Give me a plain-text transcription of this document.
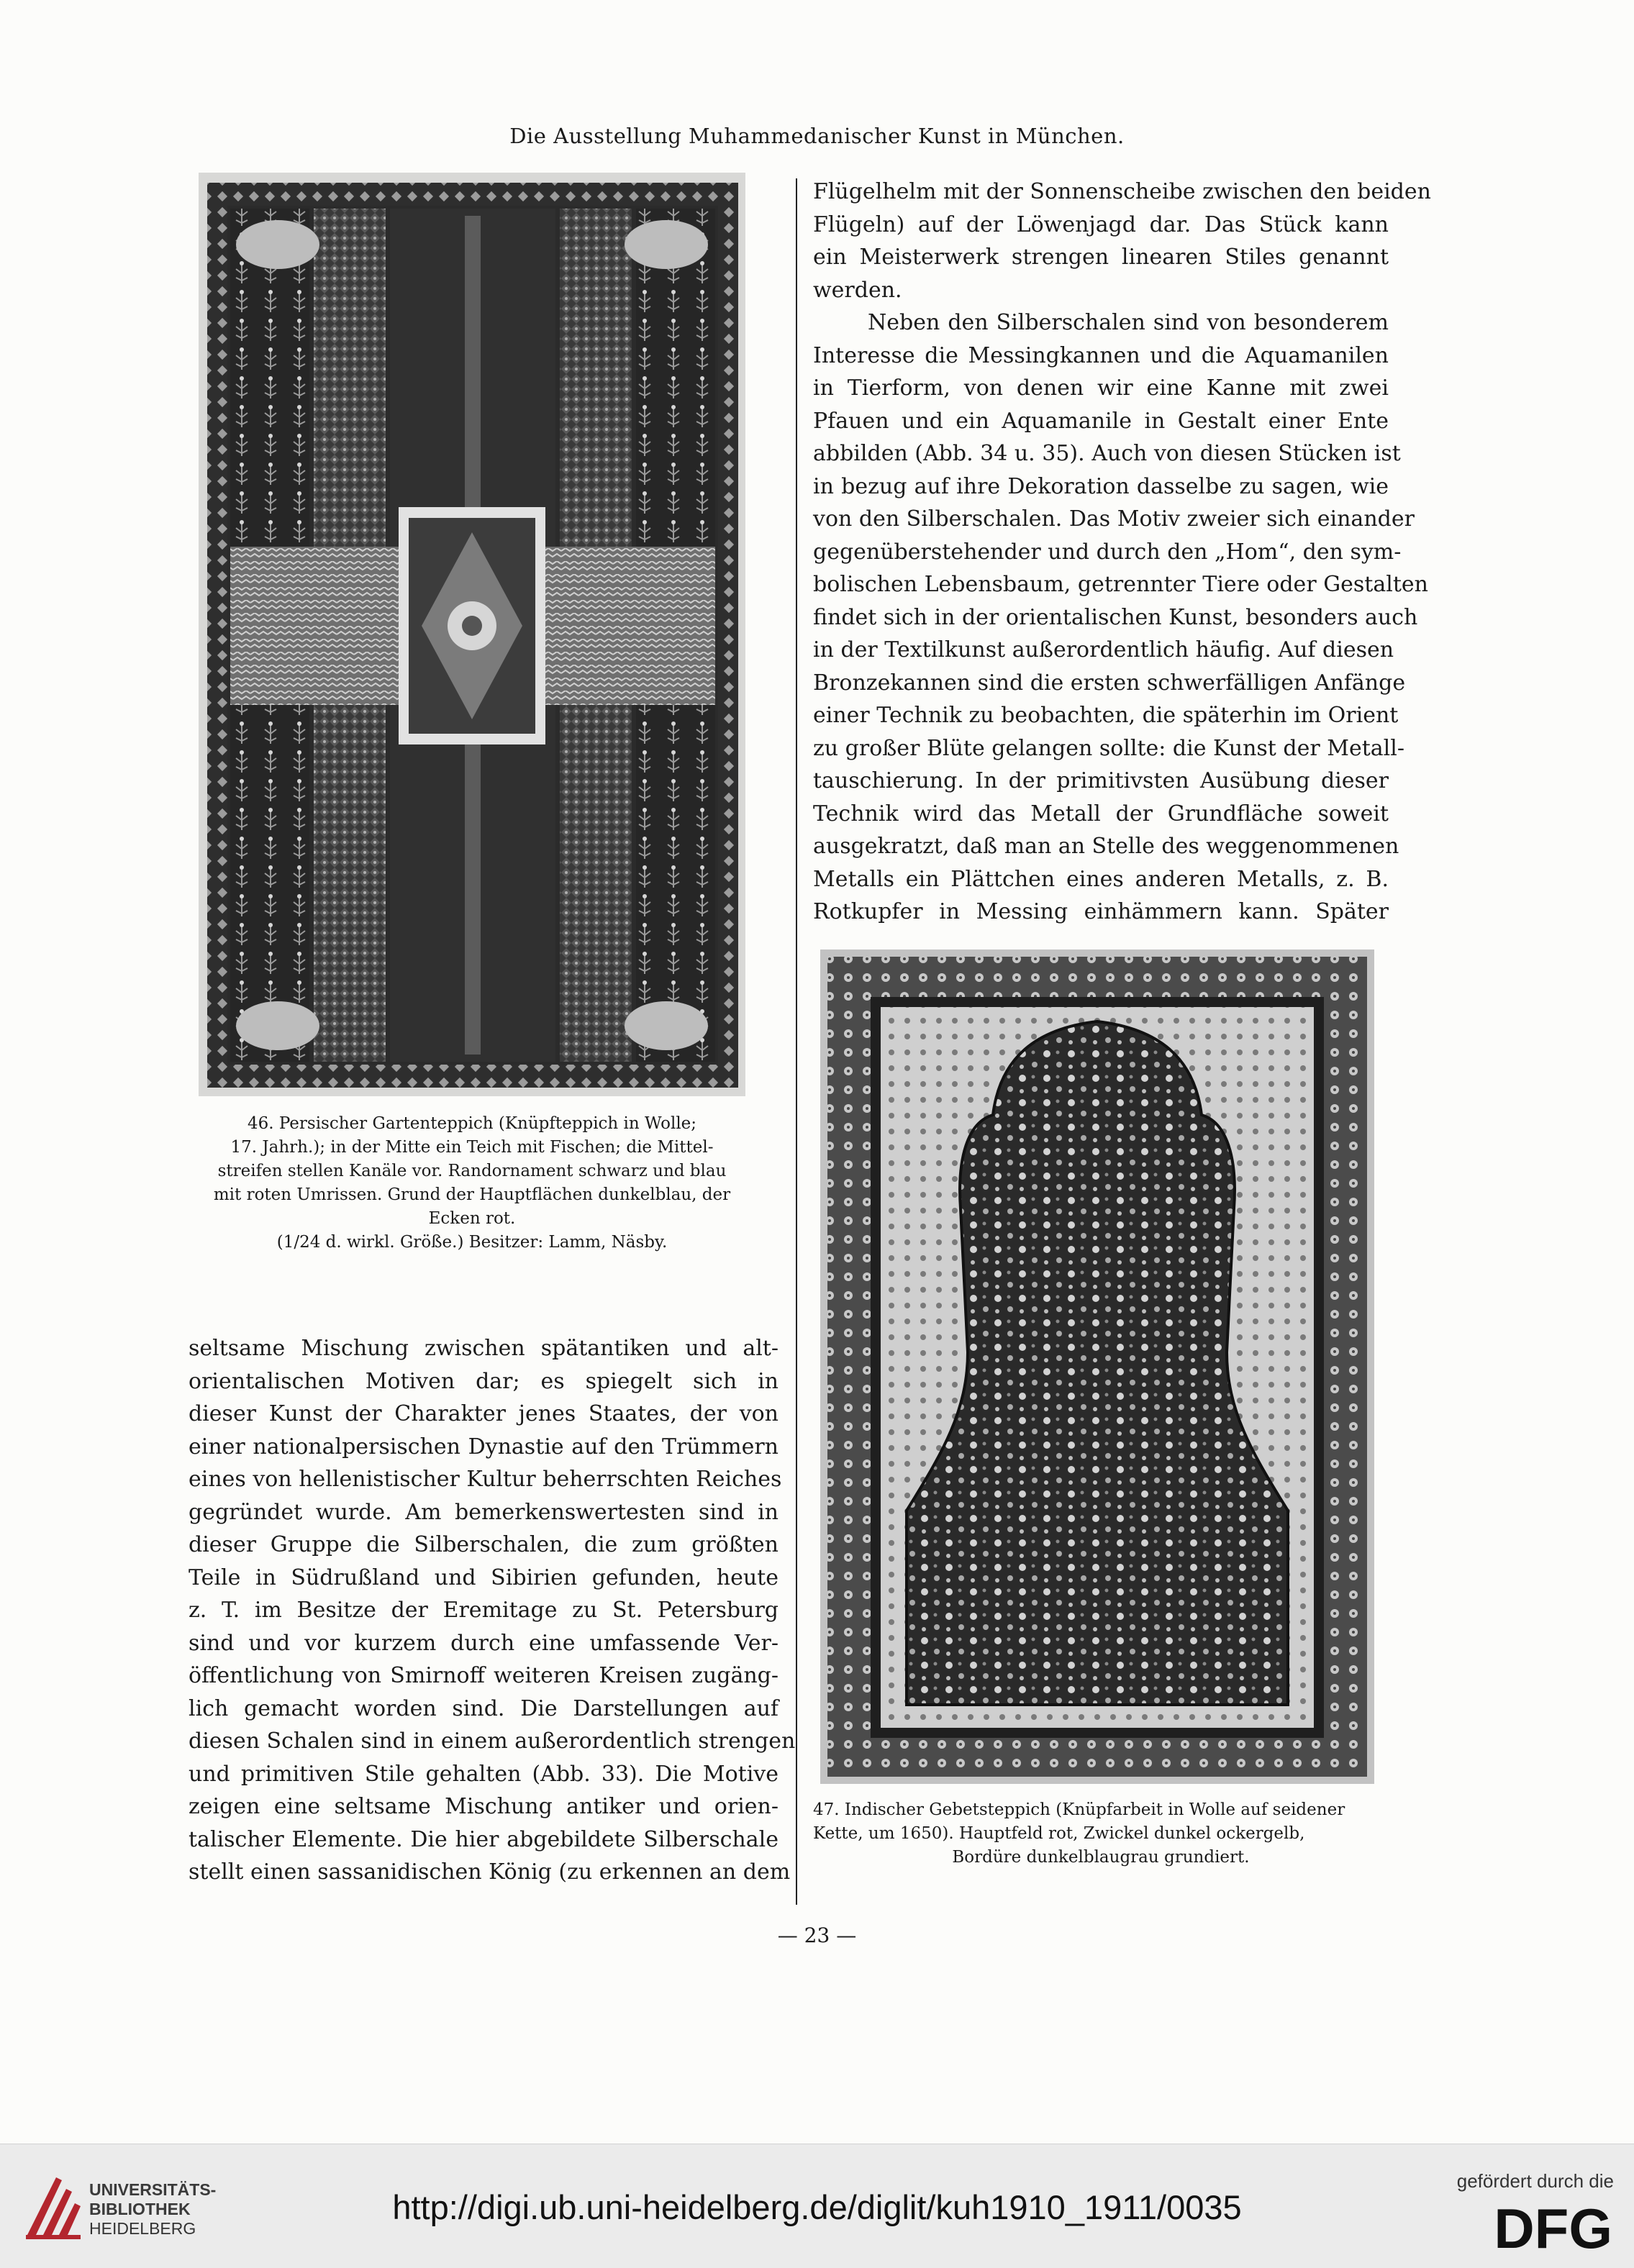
Die Ausstellung Muhammedanischer Kunst in München.
46. Persischer Gartenteppich (Knüpfteppich in Wolle;
17. Jahrh.); in der Mitte ein Teich mit Fischen; die Mittel-
streifen stellen Kanäle vor. Randornament schwarz und blau
mit roten Umrissen. Grund der Hauptflächen dunkelblau, der
Ecken rot.
(1/24 d. wirkl. Größe.) Besitzer: Lamm, Näsby.
Flügelhelm mit der Sonnenscheibe zwischen den beiden
Flügeln) auf der Löwenjagd dar. Das Stück kann
ein Meisterwerk strengen linearen Stiles genannt
werden.
Neben den Silberschalen sind von besonderem
Interesse die Messingkannen und die Aquamanilen
in Tierform, von denen wir eine Kanne mit zwei
Pfauen und ein Aquamanile in Gestalt einer Ente
abbilden (Abb. 34 u. 35). Auch von diesen Stücken ist
in bezug auf ihre Dekoration dasselbe zu sagen, wie
von den Silberschalen. Das Motiv zweier sich einander
gegenüberstehender und durch den „Hom“, den sym-
bolischen Lebensbaum, getrennter Tiere oder Gestalten
findet sich in der orientalischen Kunst, besonders auch
in der Textilkunst außerordentlich häufig. Auf diesen
Bronzekannen sind die ersten schwerfälligen Anfänge
einer Technik zu beobachten, die späterhin im Orient
zu großer Blüte gelangen sollte: die Kunst der Metall-
tauschierung. In der primitivsten Ausübung dieser
Technik wird das Metall der Grundfläche soweit
ausgekratzt, daß man an Stelle des weggenommenen
Metalls ein Plättchen eines anderen Metalls, z. B.
Rotkupfer in Messing einhämmern kann. Später
47. Indischer Gebetsteppich (Knüpfarbeit in Wolle auf seidener
Kette, um 1650). Hauptfeld rot, Zwickel dunkel ockergelb,
Bordüre dunkelblaugrau grundiert.
seltsame Mischung zwischen spätantiken und alt-
orientalischen Motiven dar; es spiegelt sich in
dieser Kunst der Charakter jenes Staates, der von
einer nationalpersischen Dynastie auf den Trümmern
eines von hellenistischer Kultur beherrschten Reiches
gegründet wurde. Am bemerkenswertesten sind in
dieser Gruppe die Silberschalen, die zum größten
Teile in Südrußland und Sibirien gefunden, heute
z. T. im Besitze der Eremitage zu St. Petersburg
sind und vor kurzem durch eine umfassende Ver-
öffentlichung von Smirnoff weiteren Kreisen zugäng-
lich gemacht worden sind. Die Darstellungen auf
diesen Schalen sind in einem außerordentlich strengen
und primitiven Stile gehalten (Abb. 33). Die Motive
zeigen eine seltsame Mischung antiker und orien-
talischer Elemente. Die hier abgebildete Silberschale
stellt einen sassanidischen König (zu erkennen an dem
— 23 —
UNIVERSITÄTS-
BIBLIOTHEK
HEIDELBERG
http://digi.ub.uni-heidelberg.de/diglit/kuh1910_1911/0035
gefördert durch die
DFG
